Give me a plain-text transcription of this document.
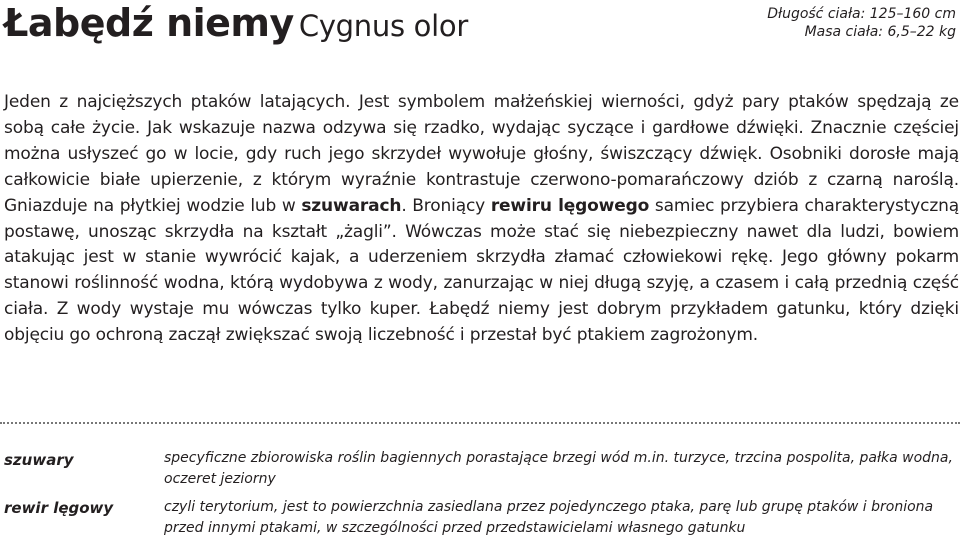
Łabędź niemy Cygnus olor	Długość ciała: 125–160 cm
Masa ciała: 6,5–22 kg
Jeden z najcięższych ptaków latających. Jest symbolem małżeńskiej wierności, gdyż pary ptaków spędzają ze sobą całe życie. Jak wskazuje nazwa odzywa się rzadko, wydając syczące i gardłowe dźwięki. Znacznie częściej można usłyszeć go w locie, gdy ruch jego skrzydeł wywołuje głośny, świszczący dźwięk. Osobniki dorosłe mają całkowicie białe upierzenie, z którym wyraźnie kontrastuje czerwono-pomarańczowy dziób z czarną naroślą. Gniazduje na płytkiej wodzie lub w szuwarach. Broniący rewiru lęgowego samiec przybiera charakterystyczną postawę, unosząc skrzydła na kształt „żagli”. Wówczas może stać się niebezpieczny nawet dla ludzi, bowiem atakując jest w stanie wywrócić kajak, a uderzeniem skrzydła złamać człowiekowi rękę. Jego główny pokarm stanowi roślinność wodna, którą wydobywa z wody, zanurzając w niej długą szyję, a czasem i całą przednią część ciała. Z wody wystaje mu wówczas tylko kuper. Łabędź niemy jest dobrym przykładem gatunku, który dzięki objęciu go ochroną zaczął zwiększać swoją liczebność i przestał być ptakiem zagrożonym.
szuwary	specyficzne zbiorowiska roślin bagiennych porastające brzegi wód m.in. turzyce, trzcina pospolita, pałka wodna, oczeret jeziorny
rewir lęgowy	czyli terytorium, jest to powierzchnia zasiedlana przez pojedynczego ptaka, parę lub grupę ptaków i broniona przed innymi ptakami, w szczególności przed przedstawicielami własnego gatunku
